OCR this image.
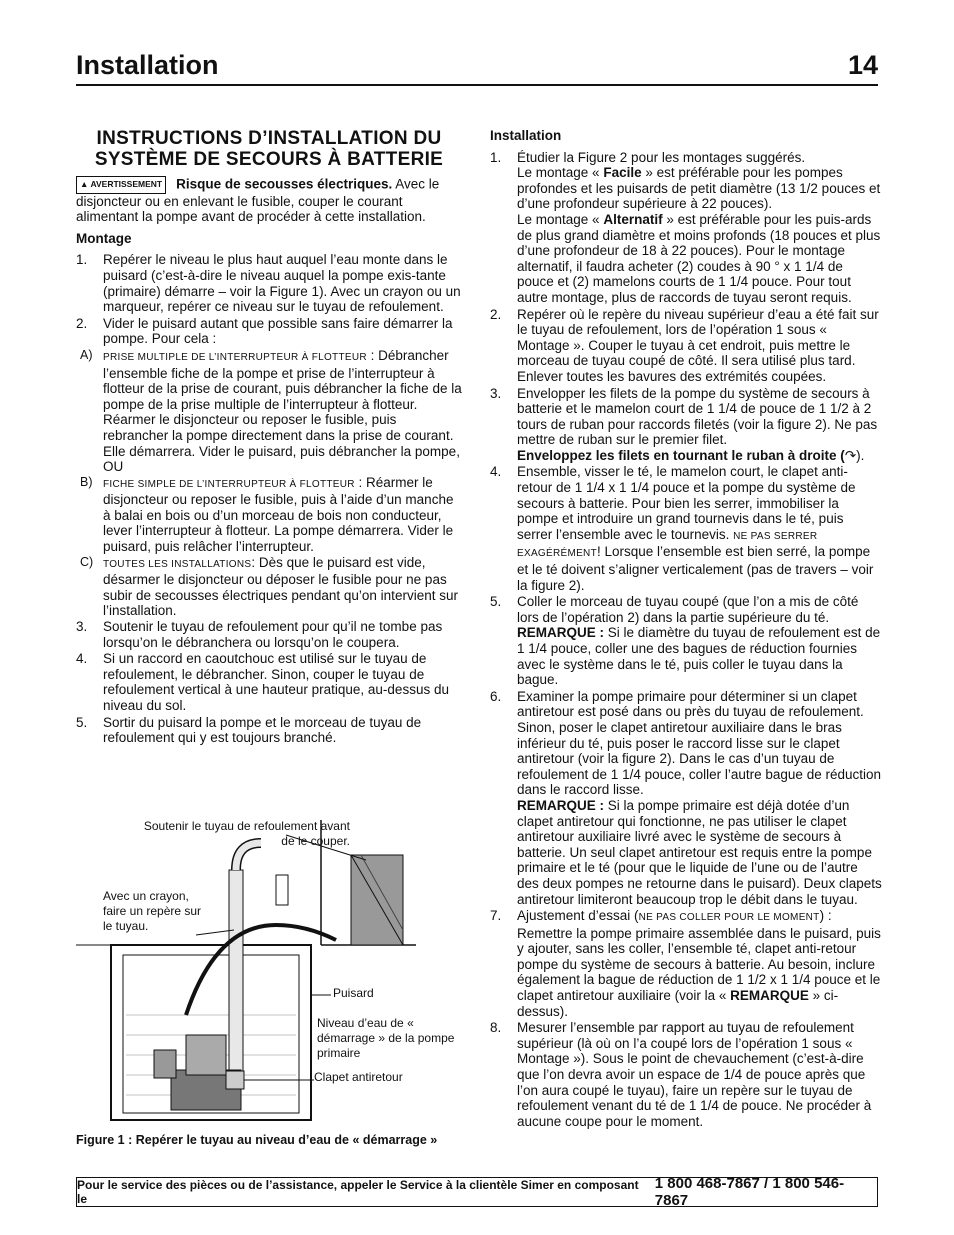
Installation	14
INSTRUCTIONS D’INSTALLATION DU SYSTÈME DE SECOURS À BATTERIE
▲ AVERTISSEMENT Risque de secousses électriques. Avec le disjoncteur ou en enlevant le fusible, couper le courant alimentant la pompe avant de procéder à cette installation.
Montage
1. Repérer le niveau le plus haut auquel l’eau monte dans le puisard (c’est-à-dire le niveau auquel la pompe exis-tante (primaire) démarre – voir la Figure 1). Avec un crayon ou un marqueur, repérer ce niveau sur le tuyau de refoulement.
2. Vider le puisard autant que possible sans faire démarrer la pompe. Pour cela :
A) PRISE MULTIPLE DE L’INTERRUPTEUR À FLOTTEUR : Débrancher l’ensemble fiche de la pompe et prise de l’interrupteur à flotteur de la prise de courant, puis débrancher la fiche de la pompe de la prise multiple de l’interrupteur à flotteur. Réarmer le disjoncteur ou reposer le fusible, puis rebrancher la pompe directement dans la prise de courant. Elle démarrera. Vider le puisard, puis débrancher la pompe, OU
B) FICHE SIMPLE DE L’INTERRUPTEUR À FLOTTEUR : Réarmer le disjoncteur ou reposer le fusible, puis à l’aide d’un manche à balai en bois ou d’un morceau de bois non conducteur, lever l’interrupteur à flotteur. La pompe démarrera. Vider le puisard, puis relâcher l’interrupteur.
C) TOUTES LES INSTALLATIONS: Dès que le puisard est vide, désarmer le disjoncteur ou déposer le fusible pour ne pas subir de secousses électriques pendant qu’on intervient sur l’installation.
3. Soutenir le tuyau de refoulement pour qu’il ne tombe pas lorsqu’on le débranchera ou lorsqu’on le coupera.
4. Si un raccord en caoutchouc est utilisé sur le tuyau de refoulement, le débrancher. Sinon, couper le tuyau de refoulement vertical à une hauteur pratique, au-dessus du niveau du sol.
5. Sortir du puisard la pompe et le morceau de tuyau de refoulement qui y est toujours branché.
Soutenir le tuyau de refoulement avant de le couper.
Avec un crayon, faire un repère sur le tuyau.
Puisard
Niveau d’eau de « démarrage » de la pompe primaire
Clapet antiretour
Figure 1 : Repérer le tuyau au niveau d’eau de « démarrage »
Installation
1. Étudier la Figure 2 pour les montages suggérés.
Le montage « Facile » est préférable pour les pompes profondes et les puisards de petit diamètre (13 1/2 pouces et d’une profondeur supérieure à 22 pouces).
Le montage « Alternatif » est préférable pour les puis-ards de plus grand diamètre et moins profonds (18 pouces et plus d’une profondeur de 18 à 22 pouces). Pour le montage alternatif, il faudra acheter (2) coudes à 90 ° x 1 1/4 de pouce et (2) mamelons courts de 1 1/4 pouce. Pour tout autre montage, plus de raccords de tuyau seront requis.
2. Repérer où le repère du niveau supérieur d’eau a été fait sur le tuyau de refoulement, lors de l’opération 1 sous « Montage ». Couper le tuyau à cet endroit, puis mettre le morceau de tuyau coupé de côté. Il sera utilisé plus tard. Enlever toutes les bavures des extrémités coupées.
3. Envelopper les filets de la pompe du système de secours à batterie et le mamelon court de 1 1/4 de pouce de 1 1/2 à 2 tours de ruban pour raccords filetés (voir la figure 2). Ne pas mettre de ruban sur le premier filet.
Enveloppez les filets en tournant le ruban à droite (↷).
4. Ensemble, visser le té, le mamelon court, le clapet anti-retour de 1 1/4 x 1 1/4 pouce et la pompe du système de secours à batterie. Pour bien les serrer, immobiliser la pompe et introduire un grand tournevis dans le té, puis serrer l’ensemble avec le tournevis. NE PAS SERRER EXAGÉRÉMENT! Lorsque l’ensemble est bien serré, la pompe et le té doivent s’aligner verticalement (pas de travers – voir la figure 2).
5. Coller le morceau de tuyau coupé (que l’on a mis de côté lors de l’opération 2) dans la partie supérieure du té.
REMARQUE : Si le diamètre du tuyau de refoulement est de 1 1/4 pouce, coller une des bagues de réduction fournies avec le système dans le té, puis coller le tuyau dans la bague.
6. Examiner la pompe primaire pour déterminer si un clapet antiretour est posé dans ou près du tuyau de refoulement. Sinon, poser le clapet antiretour auxiliaire dans le bras inférieur du té, puis poser le raccord lisse sur le clapet antiretour (voir la figure 2). Dans le cas d’un tuyau de refoulement de 1 1/4 pouce, coller l’autre bague de réduction dans le raccord lisse.
REMARQUE : Si la pompe primaire est déjà dotée d’un clapet antiretour qui fonctionne, ne pas utiliser le clapet antiretour auxiliaire livré avec le système de secours à batterie. Un seul clapet antiretour est requis entre la pompe primaire et le té (pour que le liquide de l’une ou de l’autre des deux pompes ne retourne dans le puisard). Deux clapets antiretour limiteront beaucoup trop le débit dans le tuyau.
7. Ajustement d’essai (NE PAS COLLER POUR LE MOMENT) : Remettre la pompe primaire assemblée dans le puisard, puis y ajouter, sans les coller, l’ensemble té, clapet anti-retour pompe du système de secours à batterie. Au besoin, inclure également la bague de réduction de 1 1/2 x 1 1/4 pouce et le clapet antiretour auxiliaire (voir la « REMARQUE » ci-dessus).
8. Mesurer l’ensemble par rapport au tuyau de refoulement supérieur (là où on l’a coupé lors de l’opération 1 sous « Montage »). Sous le point de chevauchement (c’est-à-dire que l’on devra avoir un espace de 1/4 de pouce après que l’on aura coupé le tuyau), faire un repère sur le tuyau de refoulement venant du té de 1 1/4 de pouce. Ne procéder à aucune coupe pour le moment.
Pour le service des pièces ou de l’assistance, appeler le Service à la clientèle Simer en composant le
1 800 468-7867 / 1 800 546-7867
